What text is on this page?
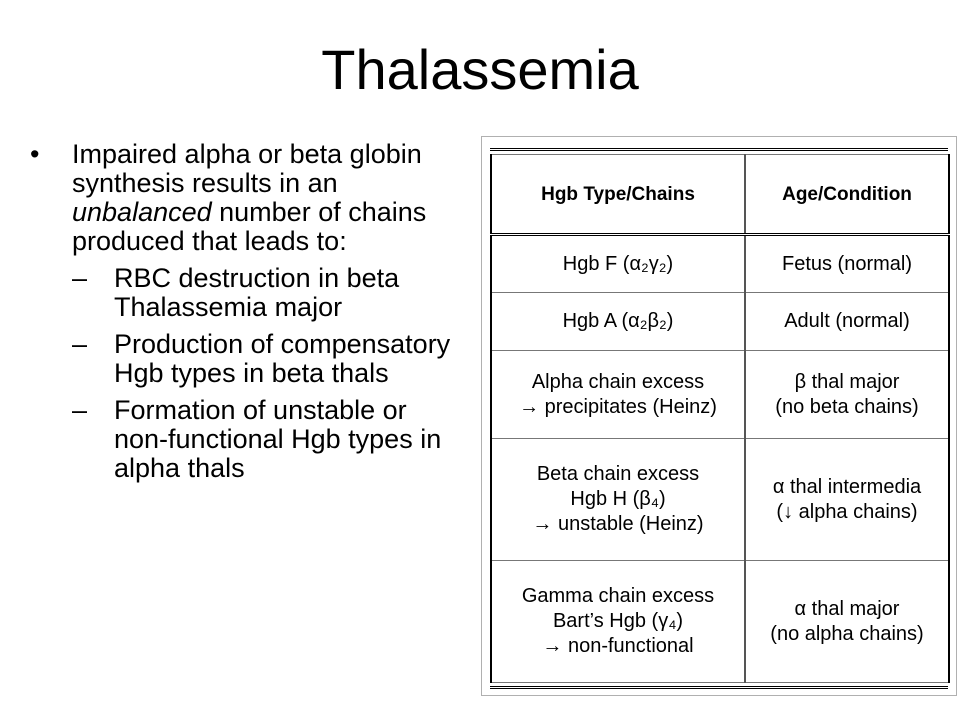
Thalassemia

• Impaired alpha or beta globin synthesis results in an unbalanced number of chains produced that leads to:

– RBC destruction in beta Thalassemia major

– Production of compensatory Hgb types in beta thals

– Formation of unstable or non-functional Hgb types in alpha thals

Hgb Type/Chains	Age/Condition

Hgb F (α₂γ₂)	Fetus (normal)

Hgb A (α₂β₂)	Adult (normal)

Alpha chain excess
→ precipitates (Heinz)	β thal major
(no beta chains)

Beta chain excess
Hgb H (β₄)
→ unstable (Heinz)	α thal intermedia
(↓ alpha chains)

Gamma chain excess
Bart’s Hgb (γ₄)
→ non-functional	α thal major
(no alpha chains)
